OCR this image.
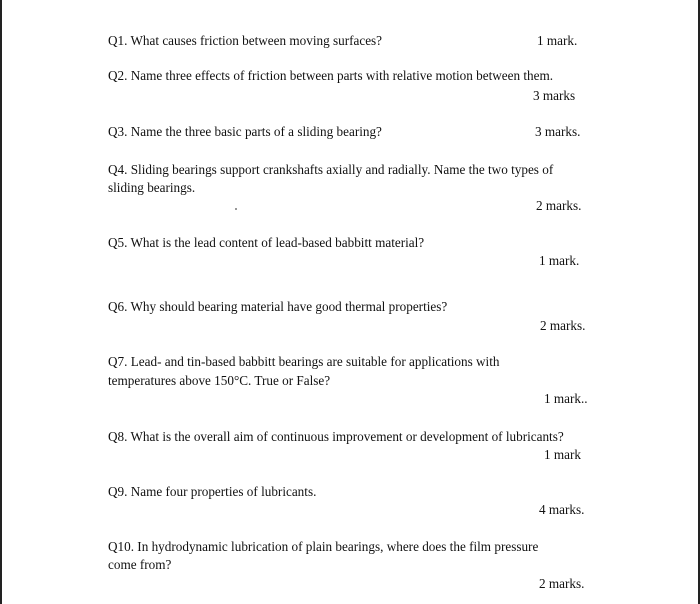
Q1. What causes friction between moving surfaces?	1 mark.
Q2. Name three effects of friction between parts with relative motion between them.
3 marks
Q3. Name the three basic parts of a sliding bearing?	3 marks.
Q4. Sliding bearings support crankshafts axially and radially. Name the two types of
sliding bearings.
2 marks.
Q5. What is the lead content of lead-based babbitt material?
1 mark.
Q6. Why should bearing material have good thermal properties?
2 marks.
Q7. Lead- and tin-based babbitt bearings are suitable for applications with
temperatures above 150°C. True or False?
1 mark..
Q8. What is the overall aim of continuous improvement or development of lubricants?
1 mark
Q9. Name four properties of lubricants.
4 marks.
Q10. In hydrodynamic lubrication of plain bearings, where does the film pressure
come from?
2 marks.
